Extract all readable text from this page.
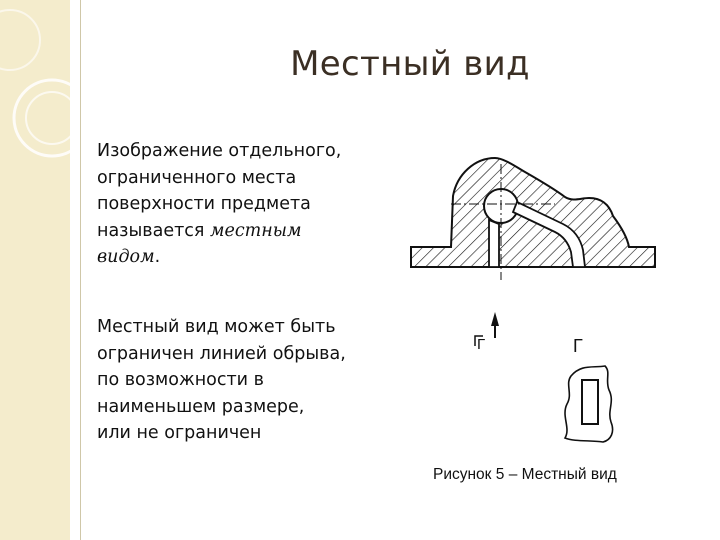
Местный вид
Изображение отдельного,
ограниченного места
поверхности предмета
называется местным
видом.
Местный вид может быть
ограничен линией обрыва,
по возможности в
наименьшем размере,
или не ограничен
Г	Г
Рисунок 5 – Местный вид
